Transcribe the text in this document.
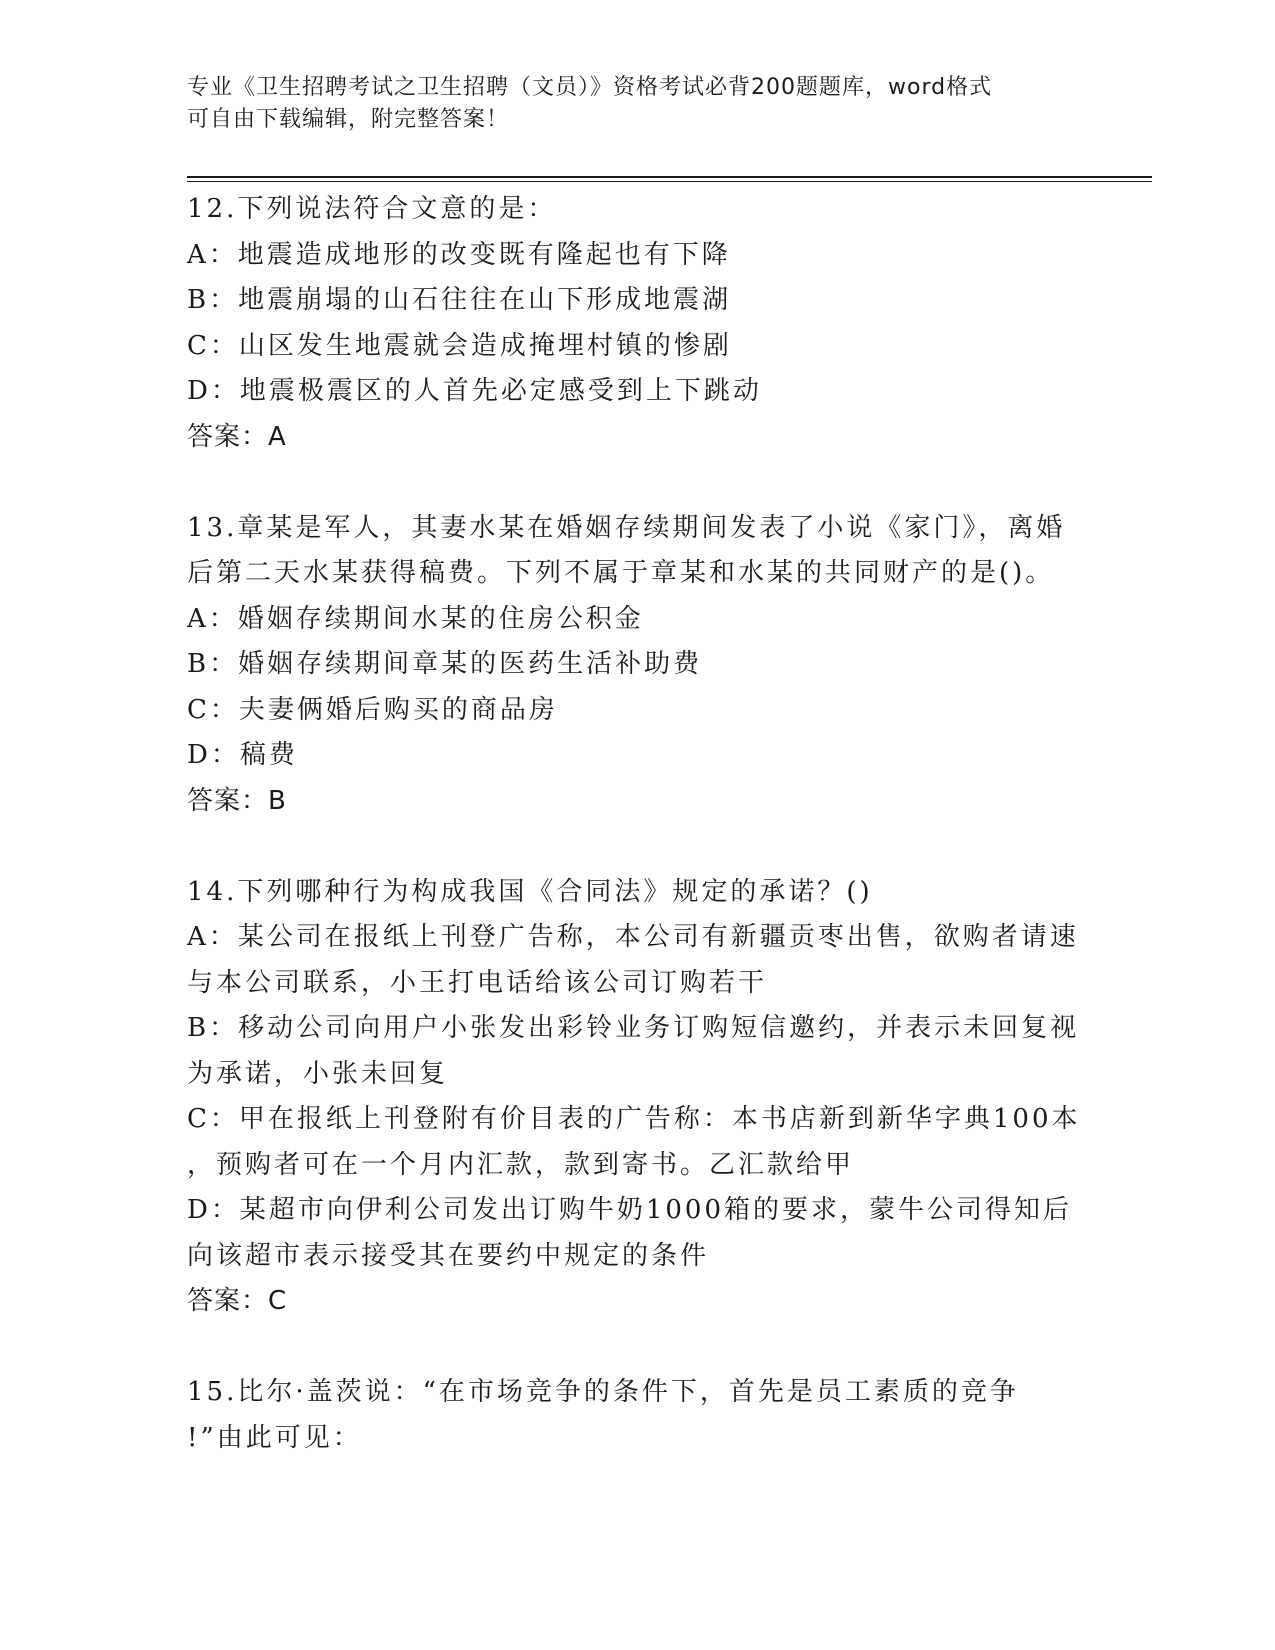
专业《卫生招聘考试之卫生招聘（文员）》资格考试必背200题题库，word格式
可自由下载编辑，附完整答案！
12.下列说法符合文意的是：
A：地震造成地形的改变既有隆起也有下降
B：地震崩塌的山石往往在山下形成地震湖
C：山区发生地震就会造成掩埋村镇的惨剧
D：地震极震区的人首先必定感受到上下跳动
答案：A
13.章某是军人，其妻水某在婚姻存续期间发表了小说《家门》，离婚
后第二天水某获得稿费。下列不属于章某和水某的共同财产的是()。
A：婚姻存续期间水某的住房公积金
B：婚姻存续期间章某的医药生活补助费
C：夫妻俩婚后购买的商品房
D：稿费
答案：B
14.下列哪种行为构成我国《合同法》规定的承诺？()
A：某公司在报纸上刊登广告称，本公司有新疆贡枣出售，欲购者请速
与本公司联系，小王打电话给该公司订购若干
B：移动公司向用户小张发出彩铃业务订购短信邀约，并表示未回复视
为承诺，小张未回复
C：甲在报纸上刊登附有价目表的广告称：本书店新到新华字典100本
，预购者可在一个月内汇款，款到寄书。乙汇款给甲
D：某超市向伊利公司发出订购牛奶1000箱的要求，蒙牛公司得知后
向该超市表示接受其在要约中规定的条件
答案：C
15.比尔·盖茨说：“在市场竞争的条件下，首先是员工素质的竞争
!”由此可见：
